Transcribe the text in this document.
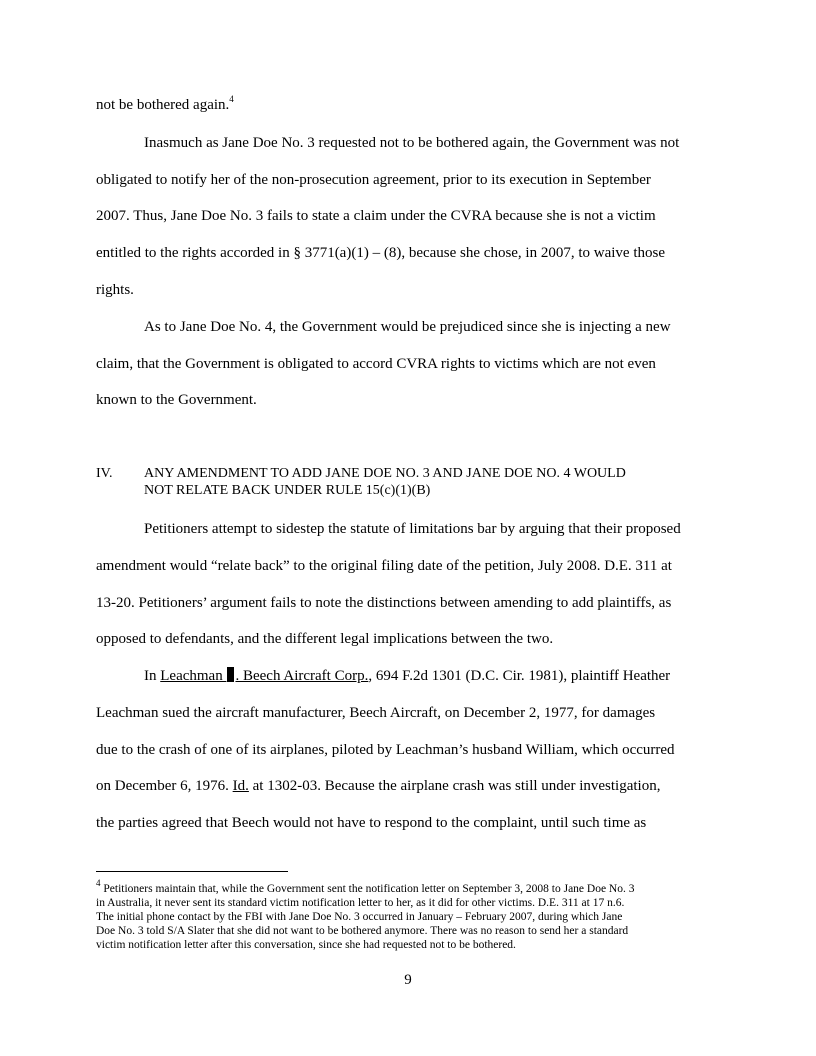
not be bothered again.$^4$
Inasmuch as Jane Doe No. 3 requested not to be bothered again, the Government was not
obligated to notify her of the non-prosecution agreement, prior to its execution in September
2007. Thus, Jane Doe No. 3 fails to state a claim under the CVRA because she is not a victim
entitled to the rights accorded in § 3771(a)(1) – (8), because she chose, in 2007, to waive those
rights.
As to Jane Doe No. 4, the Government would be prejudiced since she is injecting a new
claim, that the Government is obligated to accord CVRA rights to victims which are not even
known to the Government.
IV. ANY AMENDMENT TO ADD JANE DOE NO. 3 AND JANE DOE NO. 4 WOULD
NOT RELATE BACK UNDER RULE 15(c)(1)(B)
Petitioners attempt to sidestep the statute of limitations bar by arguing that their proposed
amendment would “relate back” to the original filing date of the petition, July 2008. D.E. 311 at
13-20. Petitioners’ argument fails to note the distinctions between amending to add plaintiffs, as
opposed to defendants, and the different legal implications between the two.
In Leachman . Beech Aircraft Corp., 694 F.2d 1301 (D.C. Cir. 1981), plaintiff Heather
Leachman sued the aircraft manufacturer, Beech Aircraft, on December 2, 1977, for damages
due to the crash of one of its airplanes, piloted by Leachman’s husband William, which occurred
on December 6, 1976. Id. at 1302-03. Because the airplane crash was still under investigation,
the parties agreed that Beech would not have to respond to the complaint, until such time as
$^4$ Petitioners maintain that, while the Government sent the notification letter on September 3, 2008 to Jane Doe No. 3
in Australia, it never sent its standard victim notification letter to her, as it did for other victims. D.E. 311 at 17 n.6.
The initial phone contact by the FBI with Jane Doe No. 3 occurred in January – February 2007, during which Jane
Doe No. 3 told S/A Slater that she did not want to be bothered anymore. There was no reason to send her a standard
victim notification letter after this conversation, since she had requested not to be bothered.
9
